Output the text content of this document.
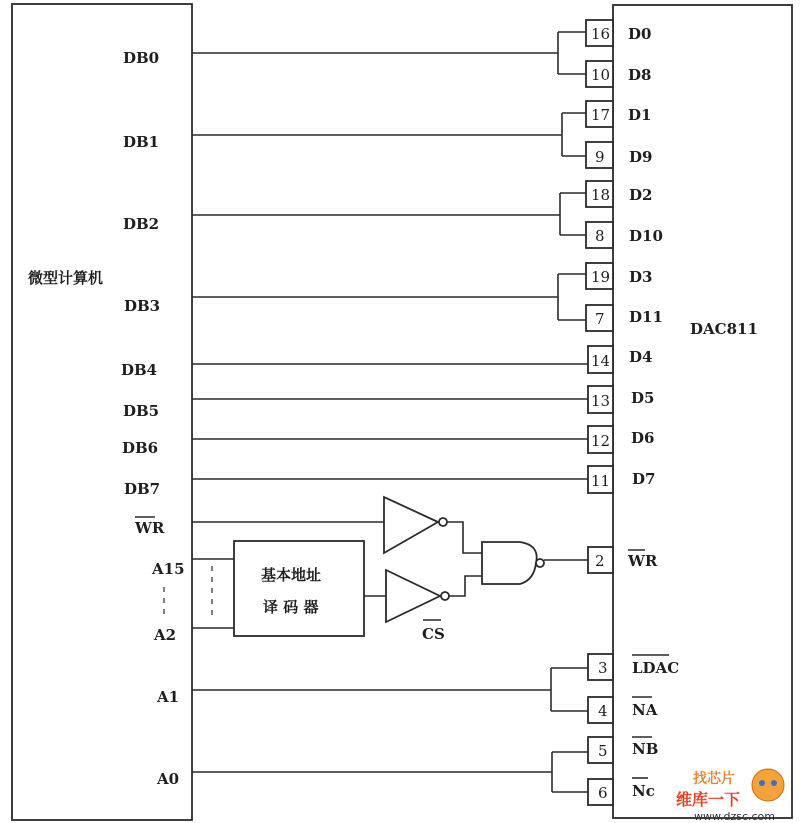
微型计算机
DB0
DB1
DB2
DB3
DB4
DB5
DB6
DB7
WR
A15
A2
A1
A0
DAC811
基本地址
译 码 器
CS
16 D0
10 D8
17 D1
9 D9
18 D2
8 D10
19 D3
7 D11
14 D4
13 D5
12 D6
11 D7
2 WR
3 LDAC
4 NA
5 NB
6 Nc
找芯片
维库一下
www.dzsc.com
